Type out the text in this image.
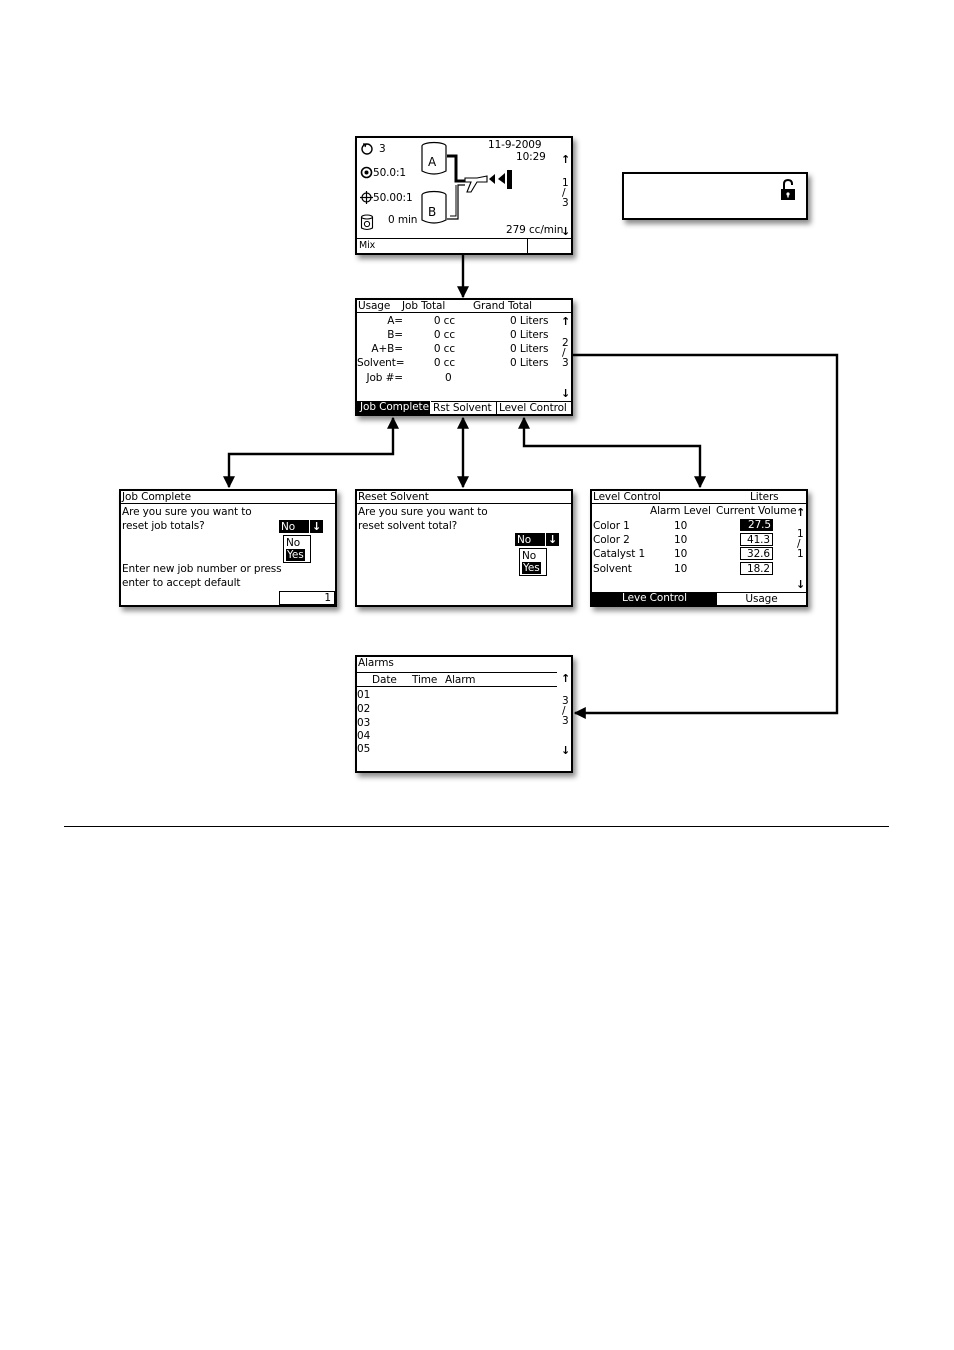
3	11-9-2009
10:29
50.0:1
50.00:1
0 min
A
B
1
/
3
↑
↓
279 cc/min
Mix
Usage Job Total	Grand Total
A=	0 cc	0 Liters
B=	0 cc	0 Liters
A+B=	0 cc	0 Liters
Solvent=	0 cc	0 Liters
Job #=	0
↑
2
/
3
↓
Job Complete Rst Solvent Level Control
Job Complete
Are you sure you want to
reset job totals?	No ↓
No
Yes
Enter new job number or press
enter to accept default
1
Reset Solvent
Are you sure you want to
reset solvent total?
No ↓
No
Yes
Level Control	Liters
Alarm Level Current Volume ↑
Color 1	10	27.5
Color 2	10	41.3
Catalyst 1	10	32.6
Solvent	10	18.2
1
/
1
↓
Leve Control	Usage
Alarms
Date Time Alarm	↑
01
02
03
04
05
3
/
3
↓
